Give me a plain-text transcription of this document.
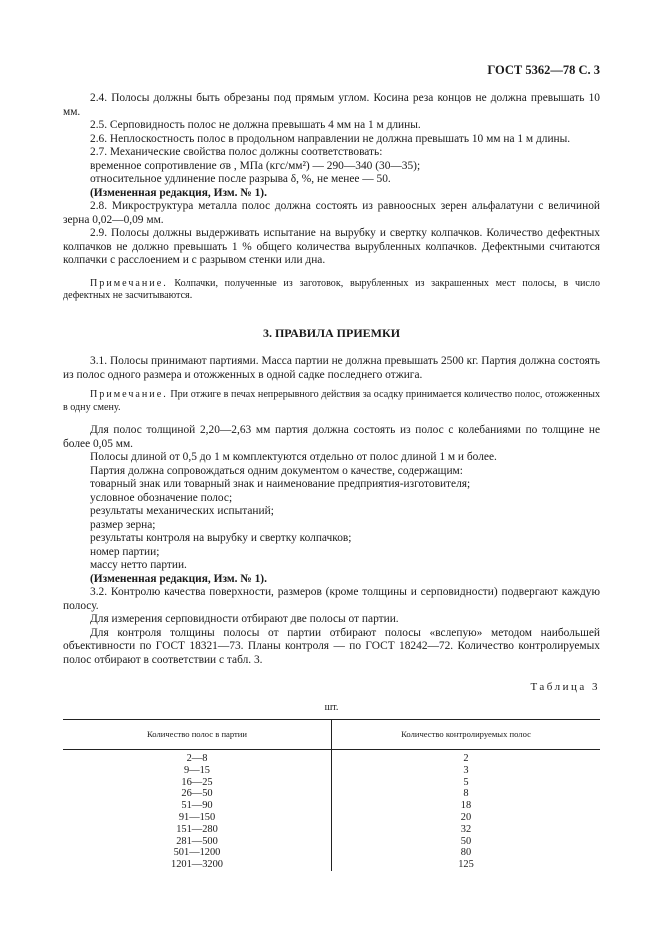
ГОСТ 5362—78 С. 3

2.4. Полосы должны быть обрезаны под прямым углом. Косина реза концов не должна превышать 10 мм.

2.5. Серповидность полос не должна превышать 4 мм на 1 м длины.

2.6. Неплоскостность полос в продольном направлении не должна превышать 10 мм на 1 м длины.

2.7. Механические свойства полос должны соответствовать:

временное сопротивление σв , МПа (кгс/мм²) — 290—340 (30—35);

относительное удлинение после разрыва δ, %, не менее — 50.

(Измененная редакция, Изм. № 1).

2.8. Микроструктура металла полос должна состоять из равноосных зерен альфалатуни с величиной зерна 0,02—0,09 мм.

2.9. Полосы должны выдерживать испытание на вырубку и свертку колпачков. Количество дефектных колпачков не должно превышать 1 % общего количества вырубленных колпачков. Дефектными считаются колпачки с расслоением и с разрывом стенки или дна.

Примечание. Колпачки, полученные из заготовок, вырубленных из закрашенных мест полосы, в число дефектных не засчитываются.

3. ПРАВИЛА ПРИЕМКИ

3.1. Полосы принимают партиями. Масса партии не должна превышать 2500 кг. Партия должна состоять из полос одного размера и отожженных в одной садке последнего отжига.

Примечание. При отжиге в печах непрерывного действия за осадку принимается количество полос, отожженных в одну смену.

Для полос толщиной 2,20—2,63 мм партия должна состоять из полос с колебаниями по толщине не более 0,05 мм.

Полосы длиной от 0,5 до 1 м комплектуются отдельно от полос длиной 1 м и более.

Партия должна сопровождаться одним документом о качестве, содержащим:

товарный знак или товарный знак и наименование предприятия-изготовителя;

условное обозначение полос;

результаты механических испытаний;

размер зерна;

результаты контроля на вырубку и свертку колпачков;

номер партии;

массу нетто партии.

(Измененная редакция, Изм. № 1).

3.2. Контролю качества поверхности, размеров (кроме толщины и серповидности) подвергают каждую полосу.

Для измерения серповидности отбирают две полосы от партии.

Для контроля толщины полосы от партии отбирают полосы «вслепую» методом наибольшей объективности по ГОСТ 18321—73. Планы контроля — по ГОСТ 18242—72. Количество контролируемых полос отбирают в соответствии с табл. 3.

Таблица 3

шт.

Количество полос в партии	Количество контролируемых полос
2—8	2
9—15	3
16—25	5
26—50	8
51—90	18
91—150	20
151—280	32
281—500	50
501—1200	80
1201—3200	125
